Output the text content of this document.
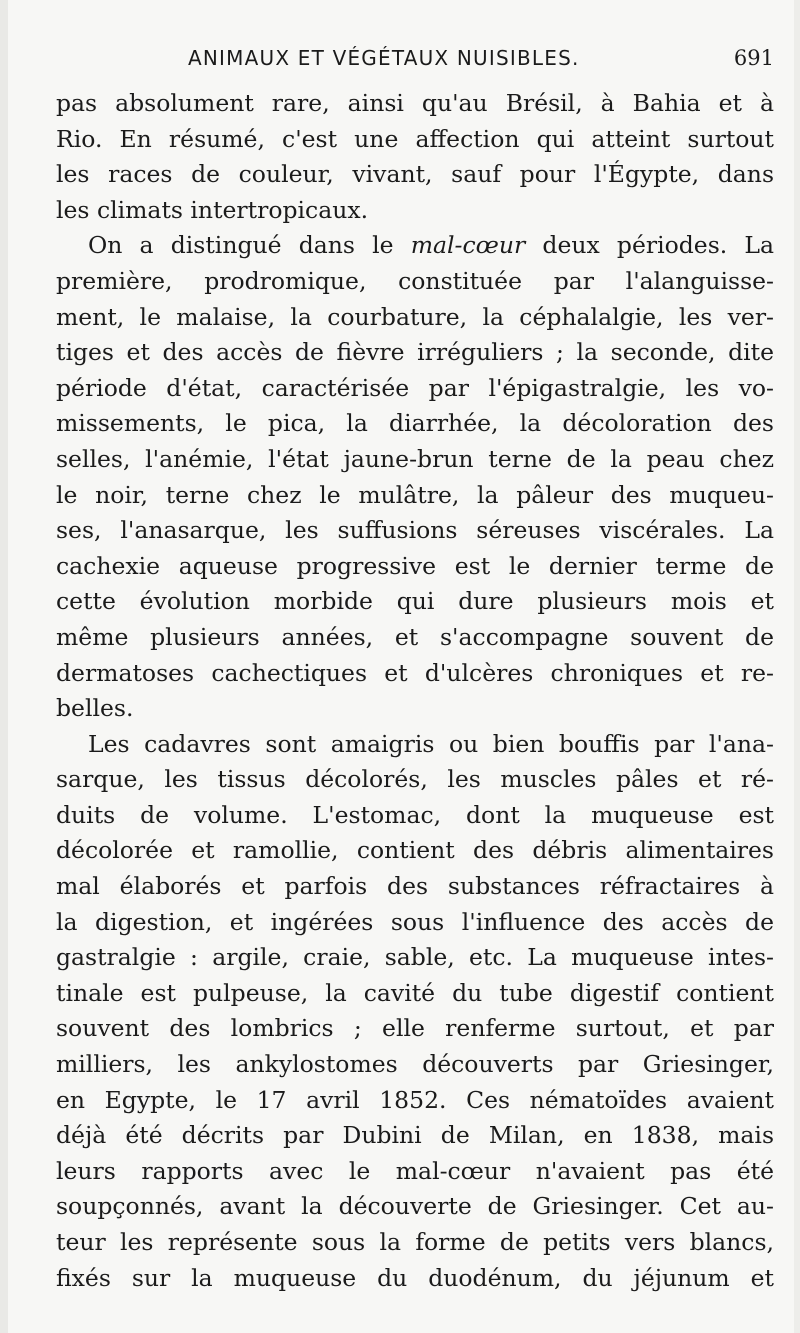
ANIMAUX ET VÉGÉTAUX NUISIBLES.	691
pas absolument rare, ainsi qu'au Brésil, à Bahia et à
Rio. En résumé, c'est une affection qui atteint surtout
les races de couleur, vivant, sauf pour l'Égypte, dans
les climats intertropicaux.
On a distingué dans le mal-cœur deux périodes. La
première, prodromique, constituée par l'alanguisse-
ment, le malaise, la courbature, la céphalalgie, les ver-
tiges et des accès de fièvre irréguliers ; la seconde, dite
période d'état, caractérisée par l'épigastralgie, les vo-
missements, le pica, la diarrhée, la décoloration des
selles, l'anémie, l'état jaune-brun terne de la peau chez
le noir, terne chez le mulâtre, la pâleur des muqueu-
ses, l'anasarque, les suffusions séreuses viscérales. La
cachexie aqueuse progressive est le dernier terme de
cette évolution morbide qui dure plusieurs mois et
même plusieurs années, et s'accompagne souvent de
dermatoses cachectiques et d'ulcères chroniques et re-
belles.
Les cadavres sont amaigris ou bien bouffis par l'ana-
sarque, les tissus décolorés, les muscles pâles et ré-
duits de volume. L'estomac, dont la muqueuse est
décolorée et ramollie, contient des débris alimentaires
mal élaborés et parfois des substances réfractaires à
la digestion, et ingérées sous l'influence des accès de
gastralgie : argile, craie, sable, etc. La muqueuse intes-
tinale est pulpeuse, la cavité du tube digestif contient
souvent des lombrics ; elle renferme surtout, et par
milliers, les ankylostomes découverts par Griesinger,
en Egypte, le 17 avril 1852. Ces nématoïdes avaient
déjà été décrits par Dubini de Milan, en 1838, mais
leurs rapports avec le mal-cœur n'avaient pas été
soupçonnés, avant la découverte de Griesinger. Cet au-
teur les représente sous la forme de petits vers blancs,
fixés sur la muqueuse du duodénum, du jéjunum et
